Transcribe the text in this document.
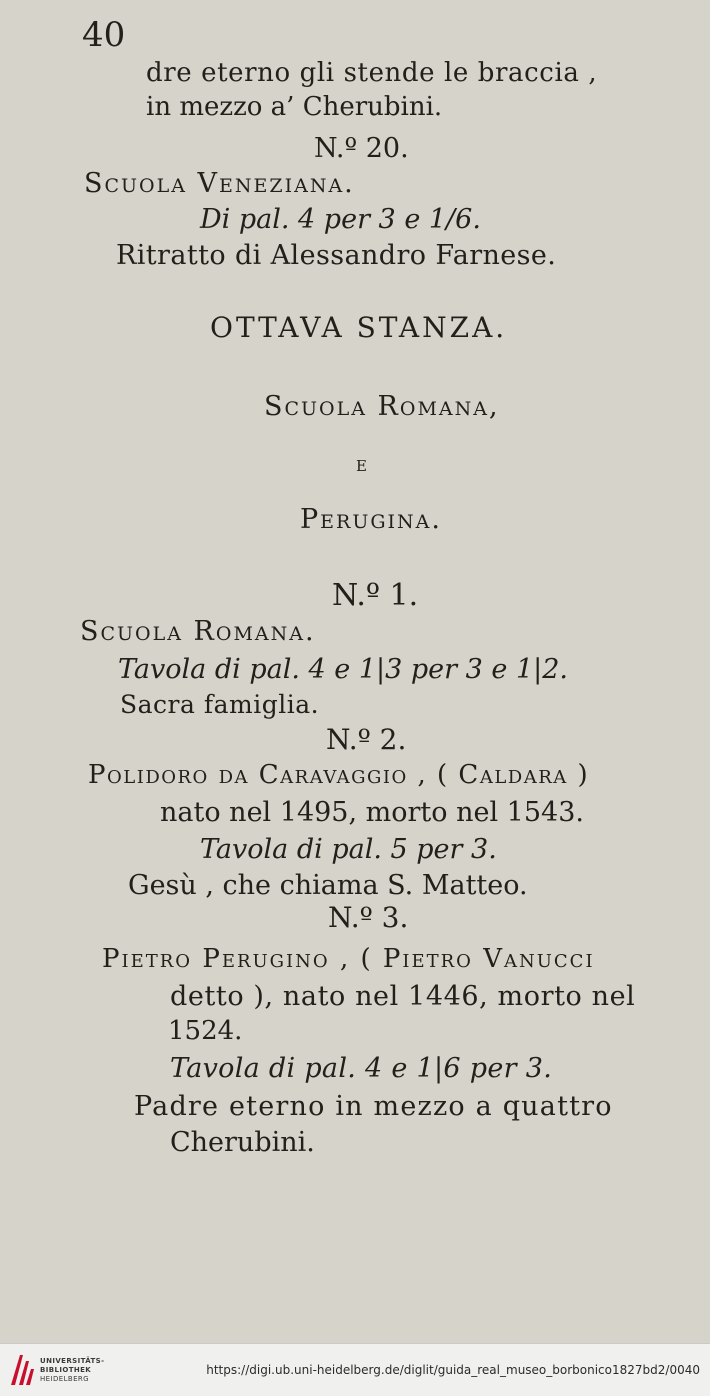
40
dre eterno gli stende le braccia ,
in mezzo a’ Cherubini.
N.º 20.
Scuola Veneziana.
Di pal. 4 per 3 e 1/6.
Ritratto di Alessandro Farnese.
OTTAVA STANZA.
Scuola Romana,
e
Perugina.
N.º 1.
Scuola Romana.
Tavola di pal. 4 e 1|3 per 3 e 1|2.
Sacra famiglia.
N.º 2.
Polidoro da Caravaggio , ( Caldara )
nato nel 1495, morto nel 1543.
Tavola di pal. 5 per 3.
Gesù , che chiama S. Matteo.
N.º 3.
Pietro Perugino , ( Pietro Vanucci
detto ), nato nel 1446, morto nel
1524.
Tavola di pal. 4 e 1|6 per 3.
Padre eterno in mezzo a quattro
Cherubini.
UNIVERSITÄTS-
BIBLIOTHEK
HEIDELBERG
https://digi.ub.uni-heidelberg.de/diglit/guida_real_museo_borbonico1827bd2/0040
